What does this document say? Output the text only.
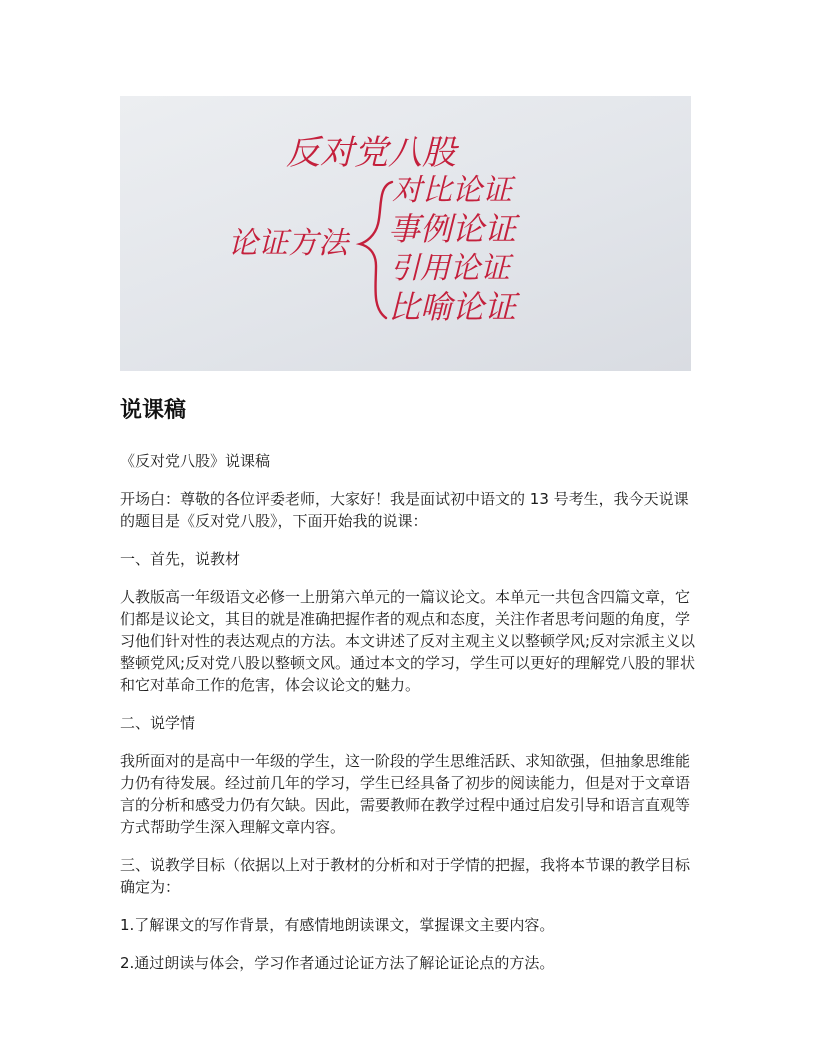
反对党八股
论证方法
对比论证
事例论证
引用论证
比喻论证
说课稿

《反对党八股》说课稿

开场白：尊敬的各位评委老师，大家好！我是面试初中语文的 13 号考生，我今天说课的题目是《反对党八股》，下面开始我的说课：

一、首先，说教材

人教版高一年级语文必修一上册第六单元的一篇议论文。本单元一共包含四篇文章，它们都是议论文，其目的就是准确把握作者的观点和态度，关注作者思考问题的角度，学习他们针对性的表达观点的方法。本文讲述了反对主观主义以整顿学风;反对宗派主义以整顿党风;反对党八股以整顿文风。通过本文的学习，学生可以更好的理解党八股的罪状和它对革命工作的危害，体会议论文的魅力。

二、说学情

我所面对的是高中一年级的学生，这一阶段的学生思维活跃、求知欲强，但抽象思维能力仍有待发展。经过前几年的学习，学生已经具备了初步的阅读能力，但是对于文章语言的分析和感受力仍有欠缺。因此，需要教师在教学过程中通过启发引导和语言直观等方式帮助学生深入理解文章内容。

三、说教学目标（依据以上对于教材的分析和对于学情的把握，我将本节课的教学目标确定为：

1.了解课文的写作背景，有感情地朗读课文，掌握课文主要内容。

2.通过朗读与体会，学习作者通过论证方法了解论证论点的方法。
